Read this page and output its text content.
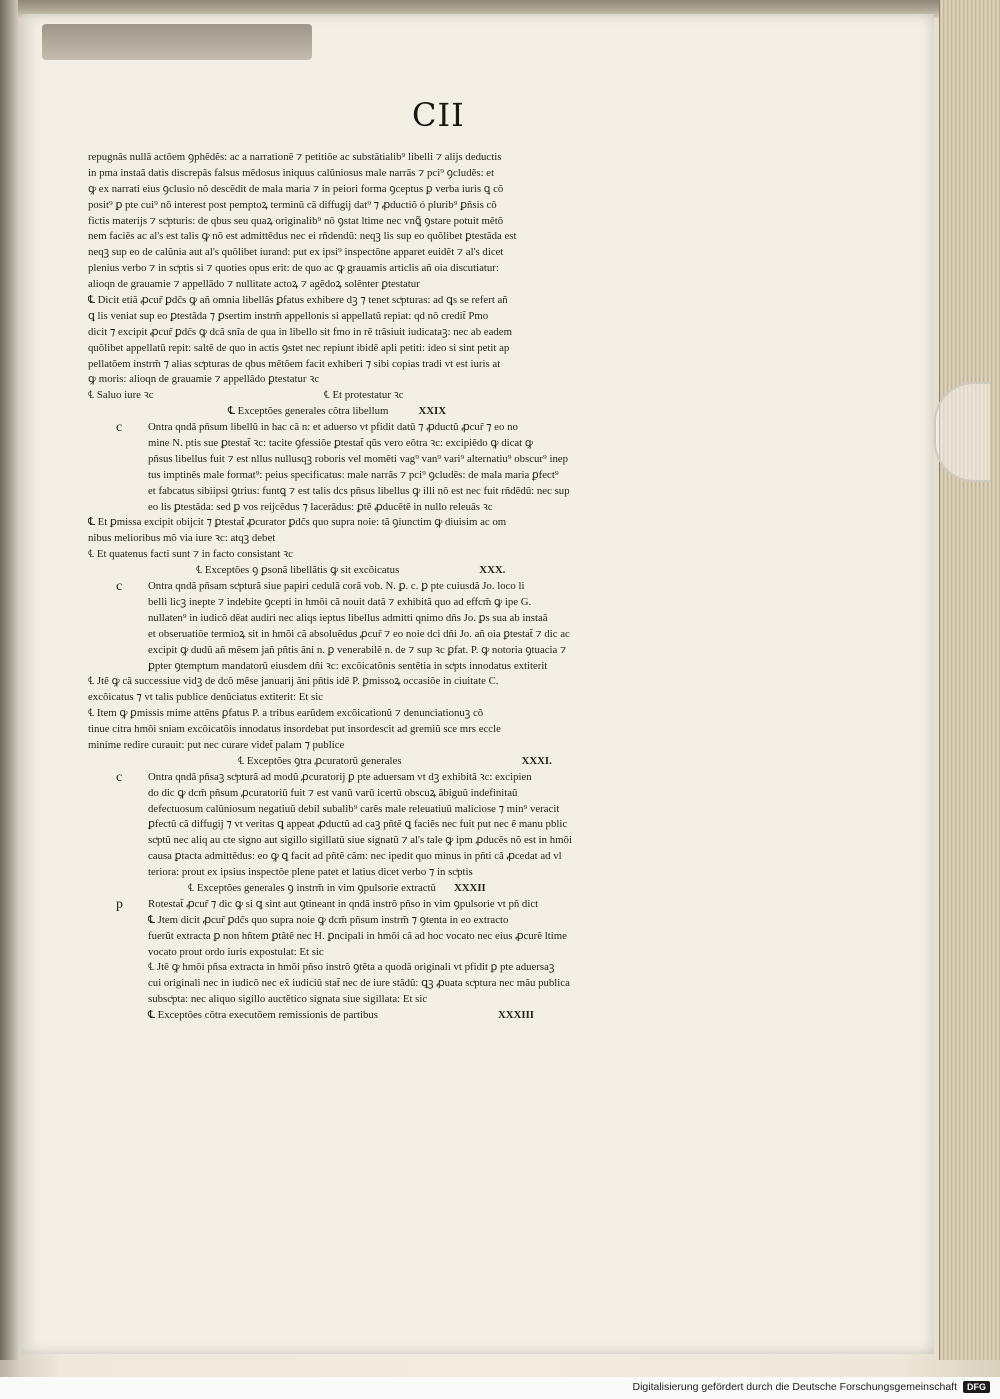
CII
repugnãs nullã actõem ꝯphẽdẽs: ac a narrationẽ ⁊ petitiõe ac substãtialib⁹ libelli ⁊ alijs deductis
in pma instaã datis discrepãs falsus mẽdosus iniquus calũniosus male narrãs ⁊ pci⁹ ꝯcludẽs: et
ꝙ ex narrati eius ꝯclusio nõ descẽdit de mala maria ⁊ in peiori forma ꝯceptus ꝑ verba iuris ꝗ cõ
posit⁹ ꝑ pte cui⁹ nõ interest post pemptoꝝ terminũ cã diffugij dat⁹ ⁊ ꝓductiõ ỏ plurib⁹ ꝑñsis cõ
fictis materijs ⁊ scͥpturis: de qbus seu quaꝝ originalib⁹ nõ ꝯstat ltime nec vnꝗ̃ ꝯstare potuit mẽtõ
nem faciẽs ac al's est talis ꝙ nõ est admittẽdus nec ei rñdendũ: neqꝫ lis sup eo quõlibet ꝑtestãda est
neqꝫ sup eo de calũnia aut al's quõlibet iurand: put ex ipsi⁹ inspectõne apparet euidẽt ⁊ al's dicet
plenius verbo ⁊ in scͥptis si ⁊ quoties opus erit: de quo ac ꝙ grauamis articlis añ oia discutiatur:
alioqn de grauamie ⁊ appellãdo ⁊ nullitate actoꝝ ⁊ agẽdoꝝ solẽnter ꝑtestatur
℄ Dicit etiã ꝓcur̃ ꝑdc̃s ꝙ añ omnia libellãs ꝑfatus exhibere dꝫ ⁊ tenet scͥpturas: ad ꝗs se refert añ
ꝗ lis veniat sup eo ꝑtestãda ⁊ ꝑsertim instrm̃ appellonis si appellatũ repiat: qd nõ credit̃ Pmo
dicit ⁊ excipit ꝓcur̃ ꝑdc̃s ꝙ dcã snĩa de qua in libello sit fmo in rẽ trãsiuit iudicataꝫ: nec ab eadem
quõlibet appellatũ repit: saltẽ de quo in actis ꝯstet nec repiunt ibidẽ apli petiti: ideo si sint petit ap
pellatõem instrm̃ ⁊ alias scͥpturas de qbus mẽtõem facit exhiberi ⁊ sibi copias tradi vt est iuris at
ꝙ moris: alioqn de grauamie ⁊ appellãdo ꝑtestatur ꝛc
℄ Saluo iure ꝛc	℄ Et protestatur ꝛc
℄ Exceptões generales cõtra libellum	XXIX
c	Ontra qndã pñsum libellũ in hac cã n: et aduerso vt pfidit datũ ⁊ ꝓductũ ꝓcur̃ ⁊ eo no
mine N. ptis sue ꝑtestat̃ ꝛc: tacite ꝯfessiõe ꝑtestat̃ qũs vero eõtra ꝛc: excipiẽdo ꝙ dicat ꝙ
pñsus libellus fuit ⁊ est nllus nullusqꝫ roboris vel momẽti vag⁹ van⁹ vari⁹ alternatiu⁹ obscur⁹ inep
tus imptinẽs male format⁹: peius specificatus: male narrãs ⁊ pci⁹ ꝯcludẽs: de mala maria ꝑfect⁹
et fabcatus sibiipsi ꝯtrius: funtꝗ ⁊ est talis dcs pñsus libellus ꝙ illi nõ est nec fuit rñdẽdũ: nec sup
eo lis ꝑtestãda: sed ꝑ vos reijcẽdus ⁊ lacerãdus: ꝑtẽ ꝓducẽtẽ in nullo releuãs ꝛc
℄ Et ꝑmissa excipit obijcit ⁊ ꝑtestat̃ ꝓcurator ꝑdc̃s quo supra noie: tã ꝯiunctim ꝙ diuisim ac om
nibus melioribus mõ via iure ꝛc: atqꝫ debet
℄ Et quatenus facti sunt ⁊ in facto consistant ꝛc
℄ Exceptões ꝯ ꝑsonã libellãtis ꝙ sit excõicatus	XXX.
c	Ontra qndã pñsam scͥpturã siue papiri cedulã corã vob. N. ꝑ. c. ꝑ pte cuiusdã Jo. loco li
belli licꝫ inepte ⁊ indebite ꝯcepti in hmõi cã nouit datã ⁊ exhibitã quo ad effcm̃ ꝙ ipe G.
nullaten⁹ in iudicõ dẽat audiri nec aliqs ieptus libellus admitti qnimo dñs Jo. ꝑs sua ab instaã
et obseruatiõe termioꝝ sit in hmõi cã absoluẽdus ꝓcur̃ ⁊ eo noie dci dñi Jo. añ oia ꝑtestat̃ ⁊ dic ac
excipit ꝙ dudũ añ mẽsem jañ pñtis ãni n. ꝑ venerabilẽ n. de ⁊ sup ꝛc ꝑfat. P. ꝙ notoria ꝯtuacia ⁊
ꝑpter ꝯtemptum mandatorũ eiusdem dñi ꝛc: excõicatõnis sentẽtia in scͥpts innodatus extiterit
℄ Jtẽ ꝙ cã successiue vidꝫ de dcõ mẽse januarij ãni pñtis idẽ P. ꝑmissoꝝ occasiõe in ciuitate C.
excõicatus ⁊ vt talis publice denũciatus extiterit: Et sic
℄ Item ꝙ ꝑmissis mime attẽns ꝑfatus P. a tribus earũdem excõicationũ ⁊ denunciationuꝫ cõ
tinue citra hmõi sniam excõicatõis innodatus insordebat put insordescit ad gremiũ sce mrs eccle
minime redire curauit: put nec curare videt̃ palam ⁊ publice
℄ Exceptões ꝯtra ꝓcuratorũ generales	XXXI.
c	Ontra qndã pñsaꝫ scͥpturã ad modũ ꝓcuratorij ꝑ pte aduersam vt dꝫ exhibitã ꝛc: excipien
do dic ꝙ dcm̃ pñsum ꝓcuratoriũ fuit ⁊ est vanũ varũ icertũ obscuꝝ ãbiguũ indefinitaũ
defectuosum calũniosum negatiuũ debil subalib⁹ carẽs male releuatiuũ maliciose ⁊ min⁹ veracit
ꝑfectũ cã diffugij ⁊ vt veritas ꝗ appeat ꝓductũ ad caꝫ pñtẽ ꝗ faciẽs nec fuit put nec ẽ manu pblic
scͥptũ nec aliq au cte signo aut sigillo sigillatũ siue signatũ ⁊ al's tale ꝙ ipm ꝓducẽs nõ est in hmõi
causa ꝑtacta admittẽdus: eo ꝙ ꝗ facit ad pñtẽ cãm: nec ipedit quo minus in pñti cã ꝓcedat ad vl
teriora: prout ex ipsius inspectõe plene patet et latius dicet verbo ⁊ in scͥptis
℄ Exceptões generales ꝯ instrm̃ in vim ꝯpulsorie extractũ XXXII
p	Rotestat̃ ꝓcur̃ ⁊ dic ꝙ si ꝗ sint aut ꝯtineant in qndã instrõ pñso in vim ꝯpulsorie vt pñ dict
℄ Jtem dicit ꝓcur̃ ꝑdc̃s quo supra noie ꝙ dcm̃ pñsum instrm̃ ⁊ ꝯtenta in eo extracto
fuerũt extracta ꝑ non hñtem ꝑtãtẽ nec H. ꝑncipali in hmõi cã ad hoc vocato nec eius ꝓcurẽ ltime
vocato prout ordo iuris expostulat: Et sic
℄ Jtẽ ꝙ hmõi pñsa extracta in hmõi pñso instrõ ꝯtẽta a quodã originali vt pfidit ꝑ pte aduersaꝫ
cui originali nec in iudicõ nec ex̃ iudiciũ stat̃ nec de iure stãdũ: ꝗꝫ ꝓuata scͥptura nec mãu publica
subscͥpta: nec aliquo sigillo auctẽtico signata siue sigillata: Et sic
℄ Exceptões cõtra executõem remissionis de partibus	XXXIII
Digitalisierung gefördert durch die Deutsche Forschungsgemeinschaft	DFG
